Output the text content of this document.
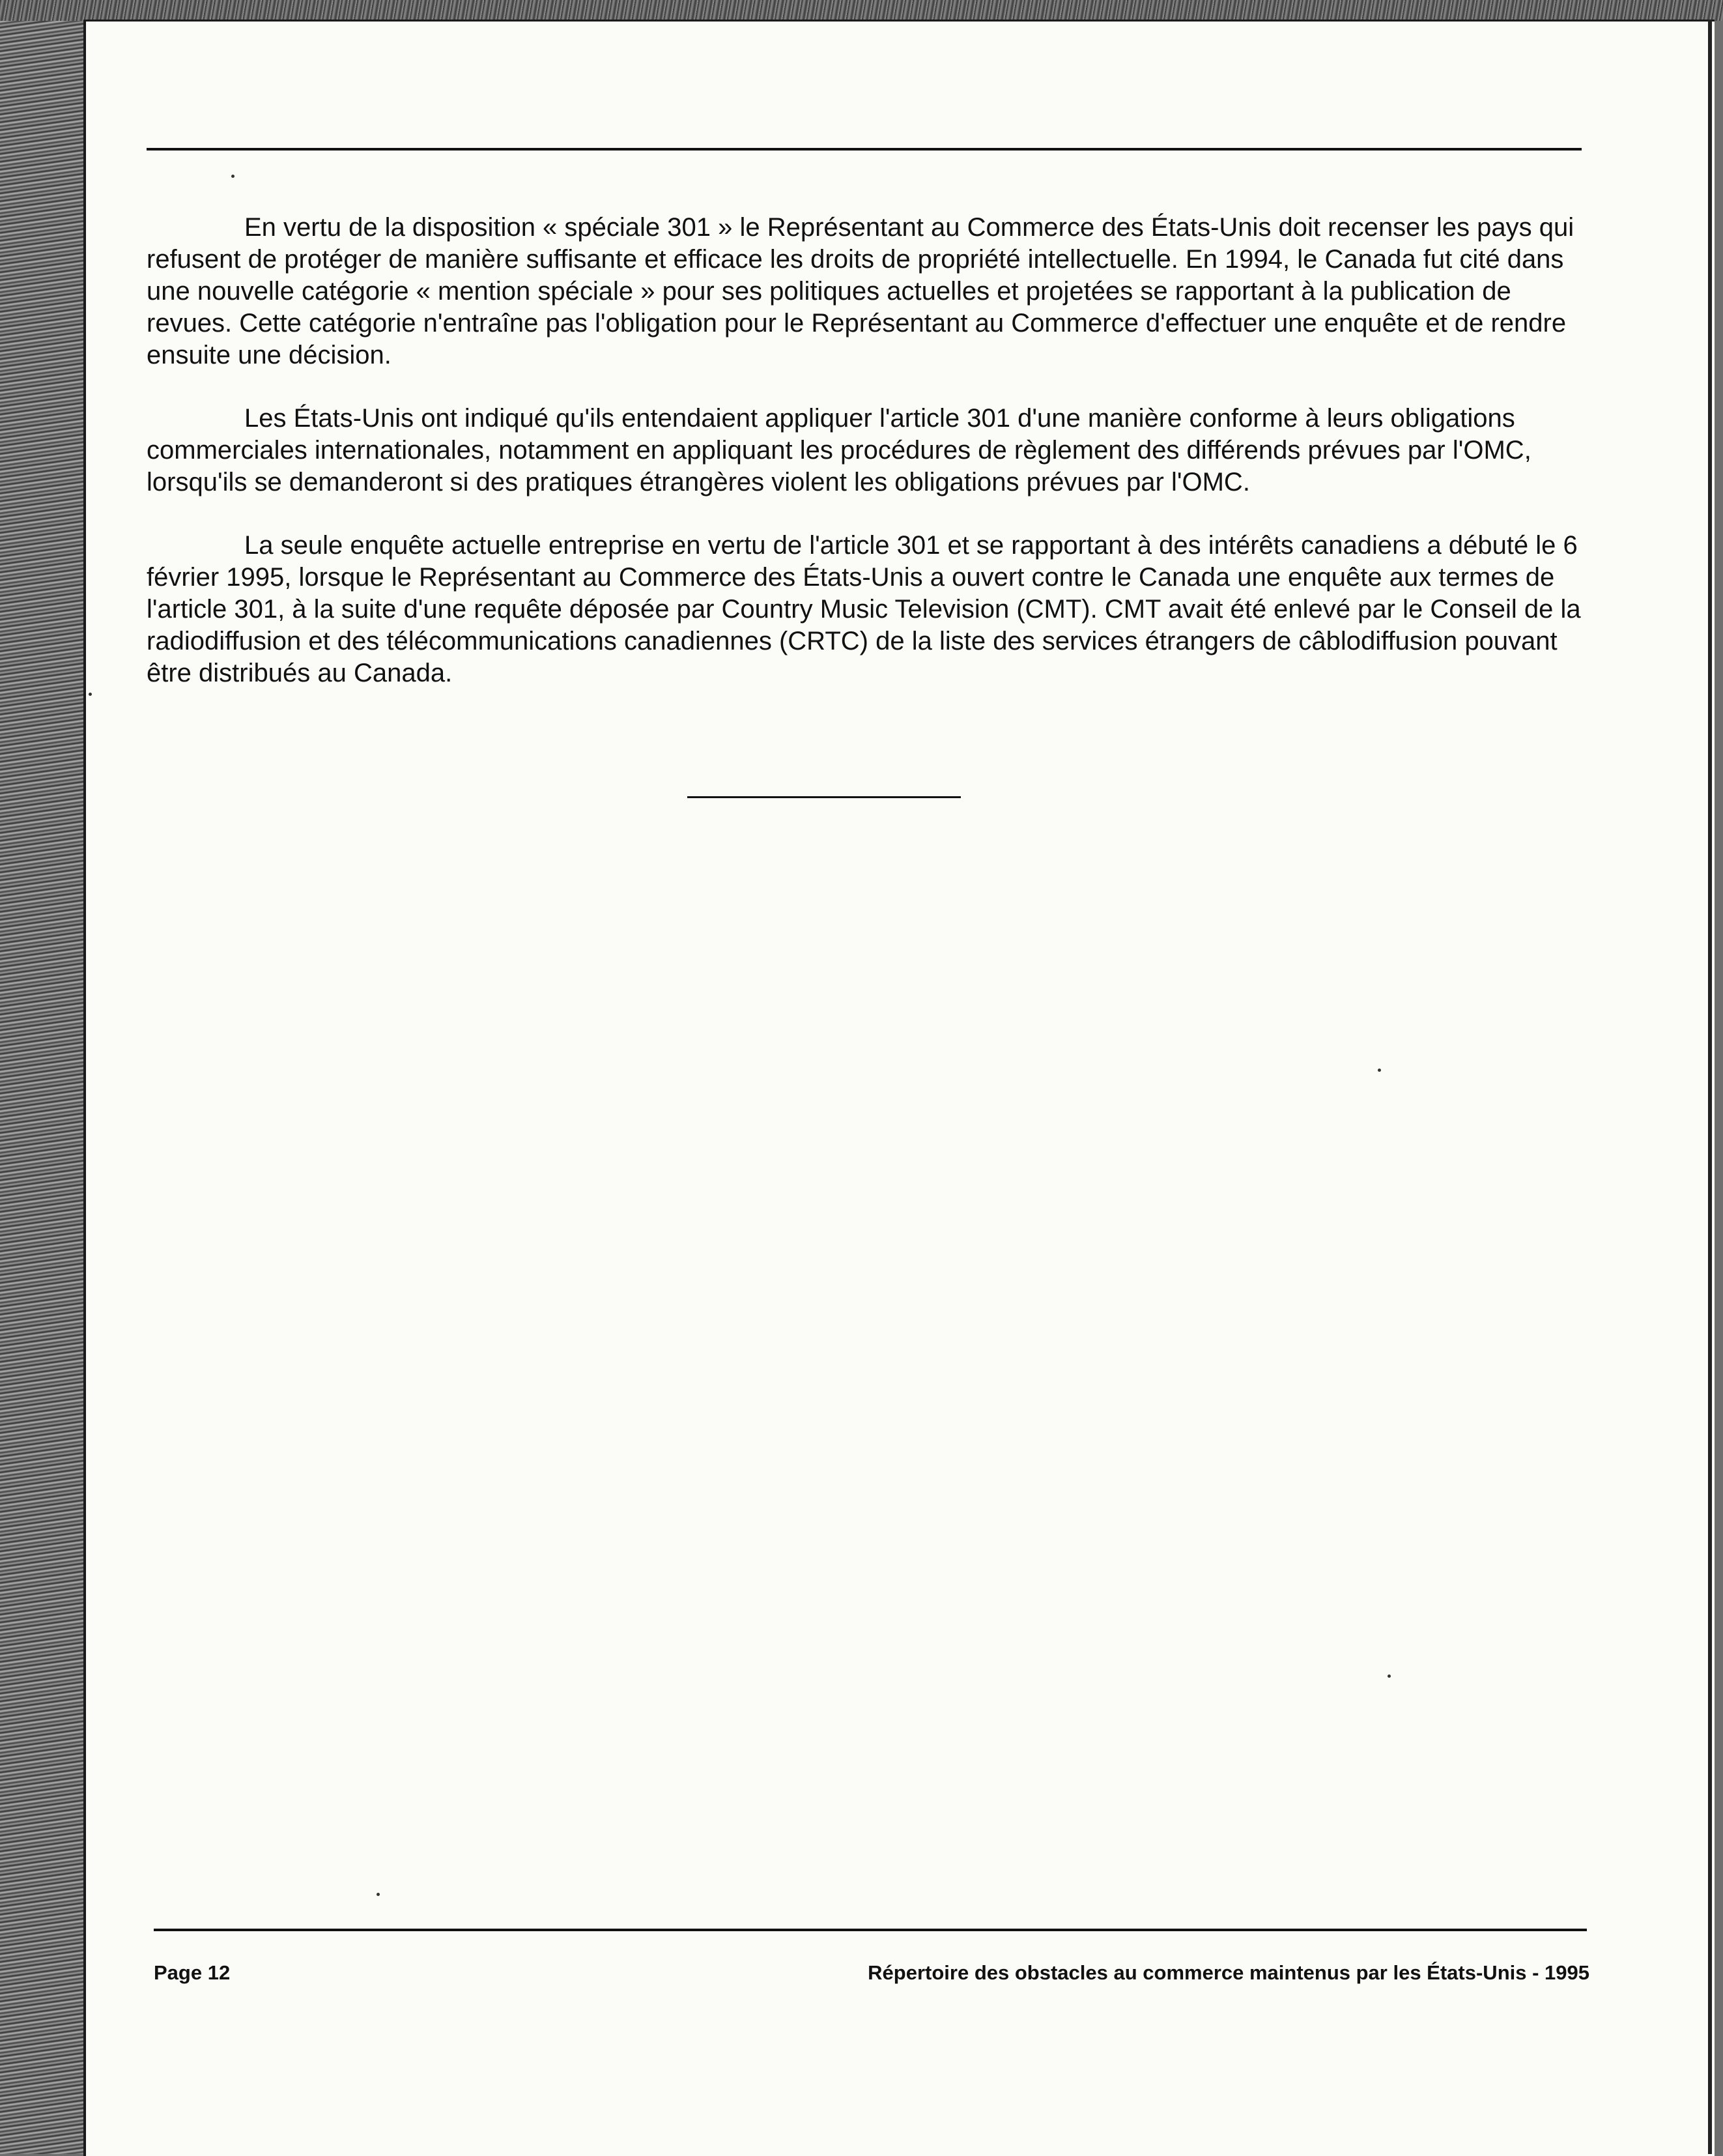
En vertu de la disposition « spéciale 301 » le Représentant au Commerce des États-Unis doit recenser les pays qui refusent de protéger de manière suffisante et efficace les droits de propriété intellectuelle. En 1994, le Canada fut cité dans une nouvelle catégorie « mention spéciale » pour ses politiques actuelles et projetées se rapportant à la publication de revues. Cette catégorie n'entraîne pas l'obligation pour le Représentant au Commerce d'effectuer une enquête et de rendre ensuite une décision.

Les États-Unis ont indiqué qu'ils entendaient appliquer l'article 301 d'une manière conforme à leurs obligations commerciales internationales, notamment en appliquant les procédures de règlement des différends prévues par l'OMC, lorsqu'ils se demanderont si des pratiques étrangères violent les obligations prévues par l'OMC.

La seule enquête actuelle entreprise en vertu de l'article 301 et se rapportant à des intérêts canadiens a débuté le 6 février 1995, lorsque le Représentant au Commerce des États-Unis a ouvert contre le Canada une enquête aux termes de l'article 301, à la suite d'une requête déposée par Country Music Television (CMT). CMT avait été enlevé par le Conseil de la radiodiffusion et des télécommunications canadiennes (CRTC) de la liste des services étrangers de câblodiffusion pouvant être distribués au Canada.

Page 12	Répertoire des obstacles au commerce maintenus par les États-Unis - 1995
